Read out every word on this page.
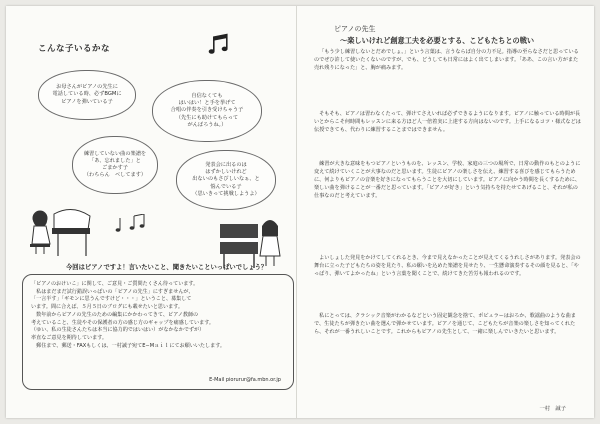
こんな子いるかな
お母さんがピアノの先生に
電話している時、必ずBGMに
ピアノを弾いている子
自信なくても
はいはい！と手を挙げて
合唱の伴奏を引き受けちゃう子
（先生にも助けてもらって
がんばろうね。）
練習していない曲の楽譜を
「あ、忘れました」と
ごまかす子
（わちらん　ベしてます）
発表会に出るのは
はずかしいけれど
出ないのもさびしいなぁ、と
悩んでいる子
（思いきって挑戦しようよ）
今回はピアノですよ！言いたいこと、聞きたいこといっぱいでしょう？
「ピアノのおけいこ」に関して、ご意見・ご質問たくさん待っています。
　私はまだまだ試行錯誤いっぱいの「ピアノの先生」にすぎませんが、
「一言半す」「ギモンに思うんですけど・・・」ということ、募集して
います。間に合えば、５月５日のブログにも載せたいと思います。
　数年前からピアノの先生のための編集にかかわってきて、ピアノ教師の
考えていること、生徒やその保護者の方の感じ方のギャップを痛感しています。
（ゆい、私の生徒さんたちは本当に協力的ではいはい）がなかなかでずが）
率直なご意見を期待しています。
　郵住まで、郵送・FAXもしくは、一村誠子宛てE−Mａｉｌにてお願いいたします。
E-Mail piorurur@fa.mbn.or.jp
ピアノの先生
〜楽しいけれど創意工夫を必要とする、こどもたちとの戦い
「もう少し練習しないとだめでしょ。」という言葉は、言うならば自分の力不足。指導の至らなさだと思っているのでぜひ許して使いたくないのですが、でも、どうしても日常にはよく出てしまいます。「ああ、この言い方がまた売れ残りになった」と、胸が痛みます。
そもそも、ピアノは習わなくたって、弾けてさえいれば必ずできるようになります。ピアノに触っている時間が長いとからこそ何時間もレッスンに来る方ほど人一倍着実に上達する方向はないのです。上手になるコツ・様式などは伝授できても、代わりに練習することまではできません。
練習が大きな意味をもつピアノというものを、レッスン、学校、家庭の三つの場所で、日常の動作のもとのように変えて続けていくことが大事なのだと思います。生徒にピアノの楽しさを伝え、練習する喜びを感じてもらうために、何よりもピアノの音楽を好きになってもらうことを大切にしています。ピアノに向かう時間を長くするために、楽しい曲を弾けることが一番だと思っています。「ピアノが好き」という気持ちを持たせてあげること、それが私の仕事なのだと考えています。
よいしょした発見をかけてしてくれるとき、今まで見えなかったことが見えてくるうれしさがあります。発表会の舞台に立った子どもたちの姿を見たり、私の願いを込めた楽譜を見せたり、一生懸命演奏するその顔を見ると、「やっぱり、弾いてよかったね」という言葉を聞くことで、続けてきた苦労も報われるのです。
私にとっては、クラシック音楽がわかるなどという固定観念を捨て、ポピュラーはおろか、歌謡曲のような曲まで、生徒たちが弾きたい曲を選んで弾かせています。ピアノを通じて、こどもたちが音楽の楽しさを知ってくれたら、それが一番うれしいことです。これからもピアノの先生として、一緒に楽しんでいきたいと思います。
一村　誠子
